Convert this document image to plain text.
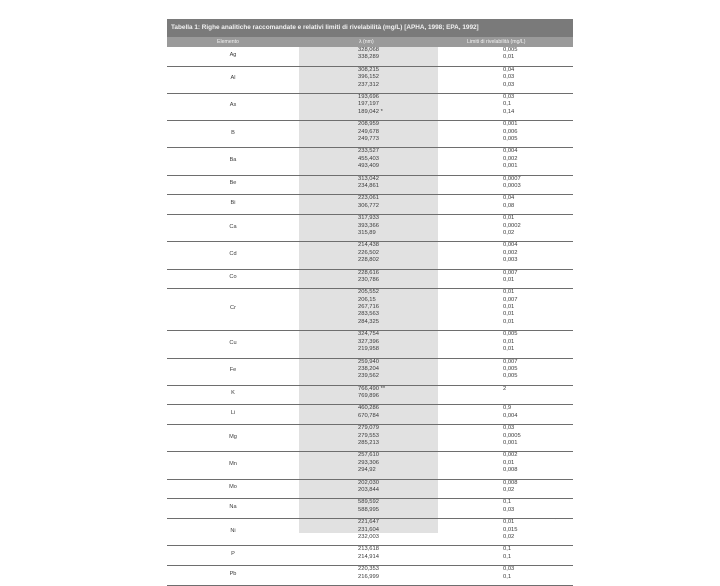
Tabella 1: Righe analitiche raccomandate e relativi limiti di rivelabilità (mg/L) [APHA, 1998; EPA, 1992]
Elemento	λ (nm)	Limiti di rivelabilità (mg/L)
Ag
328,068
338,289
0,005
0,01
Al
308,215
396,152
237,312
0,04
0,03
0,03
As
193,696
197,197
189,042 *
0,03
0,1
0,14
B
208,959
249,678
249,773
0,001
0,006
0,005
Ba
233,527
455,403
493,409
0,004
0,002
0,001
Be
313,042
234,861
0,0007
0,0003
Bi
223,061
306,772
0,04
0,08
Ca
317,933
393,366
315,89
0,01
0,0002
0,02
Cd
214,438
226,502
228,802
0,004
0,002
0,003
Co
228,616
230,786
0,007
0,01
Cr
205,552
206,15
267,716
283,563
284,325
0,01
0,007
0,01
0,01
0,01
Cu
324,754
327,396
219,958
0,005
0,01
0,01
Fe
259,940
238,204
239,562
0,007
0,005
0,005
K
766,490 **
769,896
2
Li
460,286
670,784
0,9
0,004
Mg
279,079
279,553
285,213
0,03
0,0005
0,001
Mn
257,610
293,306
294,92
0,002
0,01
0,008
Mo
202,030
203,844
0,008
0,02
Na
589,592
588,995
0,1
0,03
Ni
221,647
231,604
232,003
0,01
0,015
0,02
P
213,618
214,914
0,1
0,1
Pb
220,353
216,999
0,03
0,1
·
